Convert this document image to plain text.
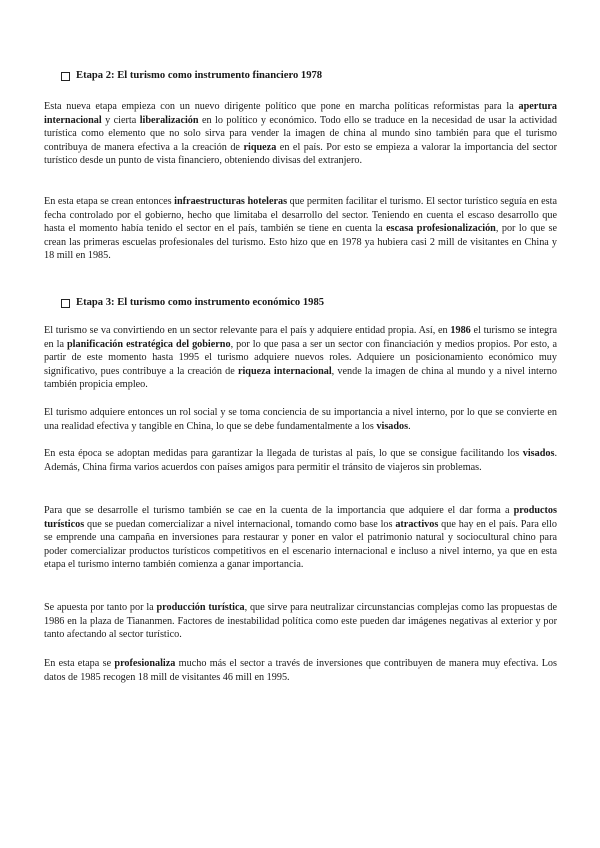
Etapa 2: El turismo como instrumento financiero 1978

Esta nueva etapa empieza con un nuevo dirigente político que pone en marcha políticas reformistas para la apertura internacional y cierta liberalización en lo político y económico. Todo ello se traduce en la necesidad de usar la actividad turística como elemento que no solo sirva para vender la imagen de china al mundo sino también para que el turismo contribuya de manera efectiva a la creación de riqueza en el país. Por esto se empieza a valorar la importancia del sector turístico desde un punto de vista financiero, obteniendo divisas del extranjero.

En esta etapa se crean entonces infraestructuras hoteleras que permiten facilitar el turismo. El sector turístico seguía en esta fecha controlado por el gobierno, hecho que limitaba el desarrollo del sector. Teniendo en cuenta el escaso desarrollo que hasta el momento había tenido el sector en el país, también se tiene en cuenta la escasa profesionalización, por lo que se crean las primeras escuelas profesionales del turismo. Esto hizo que en 1978 ya hubiera casi 2 mill de visitantes en China y 18 mill en 1985.

Etapa 3: El turismo como instrumento económico 1985

El turismo se va convirtiendo en un sector relevante para el país y adquiere entidad propia. Así, en 1986 el turismo se integra en la planificación estratégica del gobierno, por lo que pasa a ser un sector con financiación y medios propios. Por esto, a partir de este momento hasta 1995 el turismo adquiere nuevos roles. Adquiere un posicionamiento económico muy significativo, pues contribuye a la creación de riqueza internacional, vende la imagen de china al mundo y a nivel interno también propicia empleo.

El turismo adquiere entonces un rol social y se toma conciencia de su importancia a nivel interno, por lo que se convierte en una realidad efectiva y tangible en China, lo que se debe fundamentalmente a los visados.

En esta época se adoptan medidas para garantizar la llegada de turistas al país, lo que se consigue facilitando los visados. Además, China firma varios acuerdos con países amigos para permitir el tránsito de viajeros sin problemas.

Para que se desarrolle el turismo también se cae en la cuenta de la importancia que adquiere el dar forma a productos turísticos que se puedan comercializar a nivel internacional, tomando como base los atractivos que hay en el país. Para ello se emprende una campaña en inversiones para restaurar y poner en valor el patrimonio natural y sociocultural chino para poder comercializar productos turísticos competitivos en el escenario internacional e incluso a nivel interno, ya que en esta etapa el turismo interno también comienza a ganar importancia.

Se apuesta por tanto por la producción turística, que sirve para neutralizar circunstancias complejas como las propuestas de 1986 en la plaza de Tiananmen. Factores de inestabilidad política como este pueden dar imágenes negativas al exterior y por tanto afectando al sector turístico.

En esta etapa se profesionaliza mucho más el sector a través de inversiones que contribuyen de manera muy efectiva. Los datos de 1985 recogen 18 mill de visitantes 46 mill en 1995.
